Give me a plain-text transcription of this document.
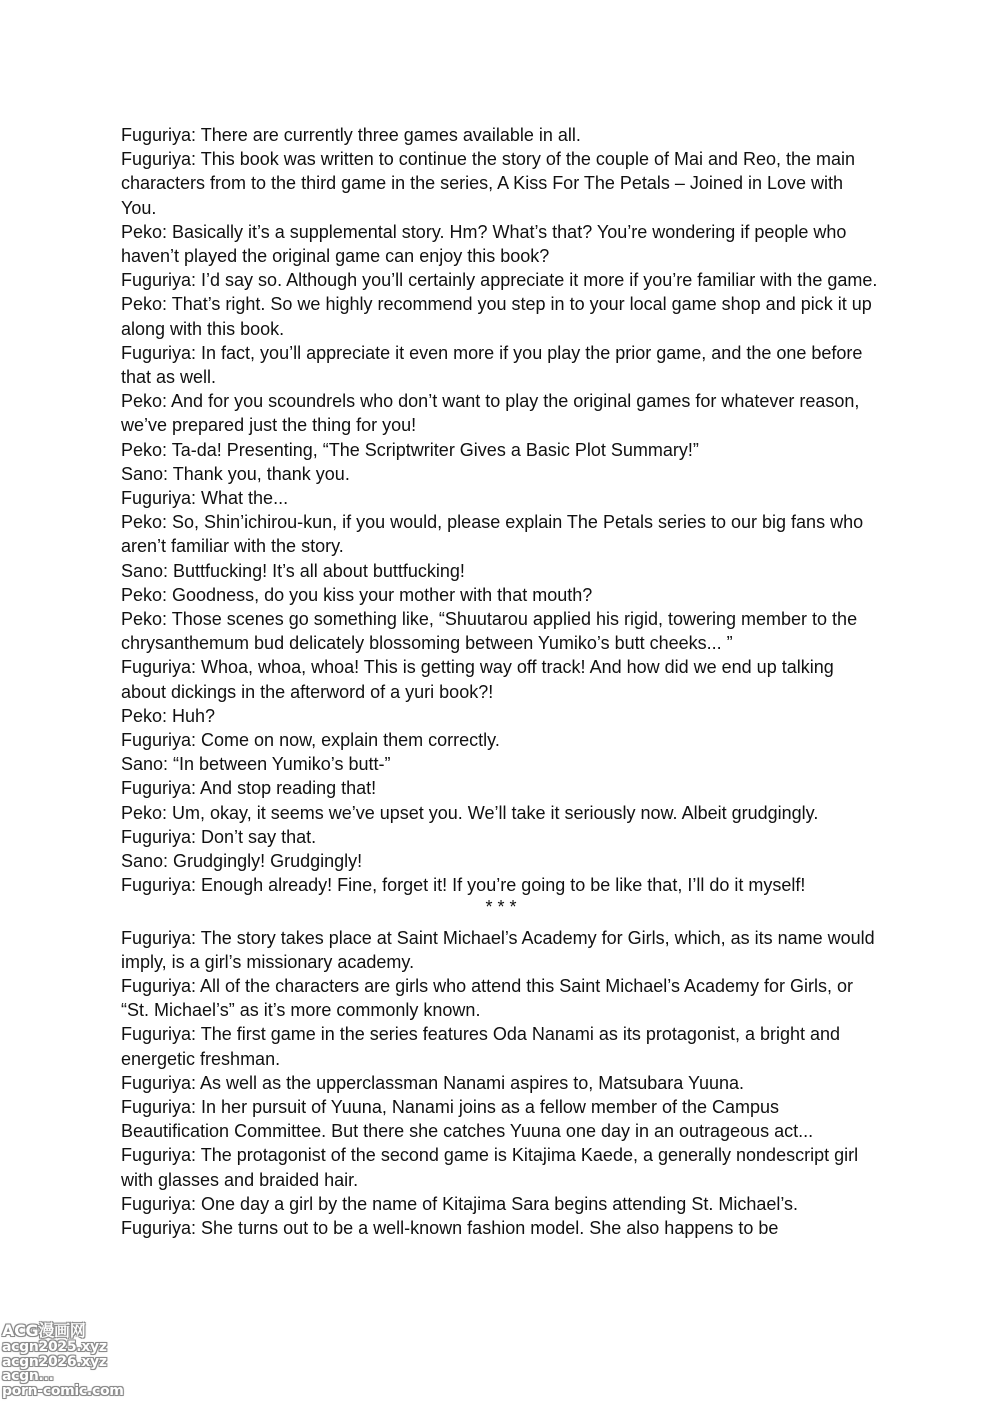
Fuguriya: There are currently three games available in all.

Fuguriya: This book was written to continue the story of the couple of Mai and Reo, the main characters from to the third game in the series, A Kiss For The Petals – Joined in Love with You.

Peko: Basically it’s a supplemental story. Hm? What’s that? You’re wondering if people who haven’t played the original game can enjoy this book?

Fuguriya: I’d say so. Although you’ll certainly appreciate it more if you’re familiar with the game.

Peko: That’s right. So we highly recommend you step in to your local game shop and pick it up along with this book.

Fuguriya: In fact, you’ll appreciate it even more if you play the prior game, and the one before that as well.

Peko: And for you scoundrels who don’t want to play the original games for whatever reason, we’ve prepared just the thing for you!

Peko: Ta-da! Presenting, “The Scriptwriter Gives a Basic Plot Summary!”

Sano: Thank you, thank you.

Fuguriya: What the...

Peko: So, Shin’ichirou-kun, if you would, please explain The Petals series to our big fans who aren’t familiar with the story.

Sano: Buttfucking! It’s all about buttfucking!

Peko: Goodness, do you kiss your mother with that mouth?

Peko: Those scenes go something like, “Shuutarou applied his rigid, towering member to the chrysanthemum bud delicately blossoming between Yumiko’s butt cheeks... ”

Fuguriya: Whoa, whoa, whoa! This is getting way off track! And how did we end up talking about dickings in the afterword of a yuri book?!

Peko: Huh?

Fuguriya: Come on now, explain them correctly.

Sano: “In between Yumiko’s butt-”

Fuguriya: And stop reading that!

Peko: Um, okay, it seems we’ve upset you. We’ll take it seriously now. Albeit grudgingly.

Fuguriya: Don’t say that.

Sano: Grudgingly! Grudgingly!

Fuguriya: Enough already! Fine, forget it! If you’re going to be like that, I’ll do it myself!

* * *

Fuguriya: The story takes place at Saint Michael’s Academy for Girls, which, as its name would imply, is a girl’s missionary academy.

Fuguriya: All of the characters are girls who attend this Saint Michael’s Academy for Girls, or “St. Michael’s” as it’s more commonly known.

Fuguriya: The first game in the series features Oda Nanami as its protagonist, a bright and energetic freshman.

Fuguriya: As well as the upperclassman Nanami aspires to, Matsubara Yuuna.

Fuguriya: In her pursuit of Yuuna, Nanami joins as a fellow member of the Campus Beautification Committee. But there she catches Yuuna one day in an outrageous act...

Fuguriya: The protagonist of the second game is Kitajima Kaede, a generally nondescript girl with glasses and braided hair.

Fuguriya: One day a girl by the name of Kitajima Sara begins attending St. Michael’s.

Fuguriya: She turns out to be a well-known fashion model. She also happens to be

ACG漫画网
acgn2025.xyz
acgn2026.xyz
acgn...
porn-comic.com
